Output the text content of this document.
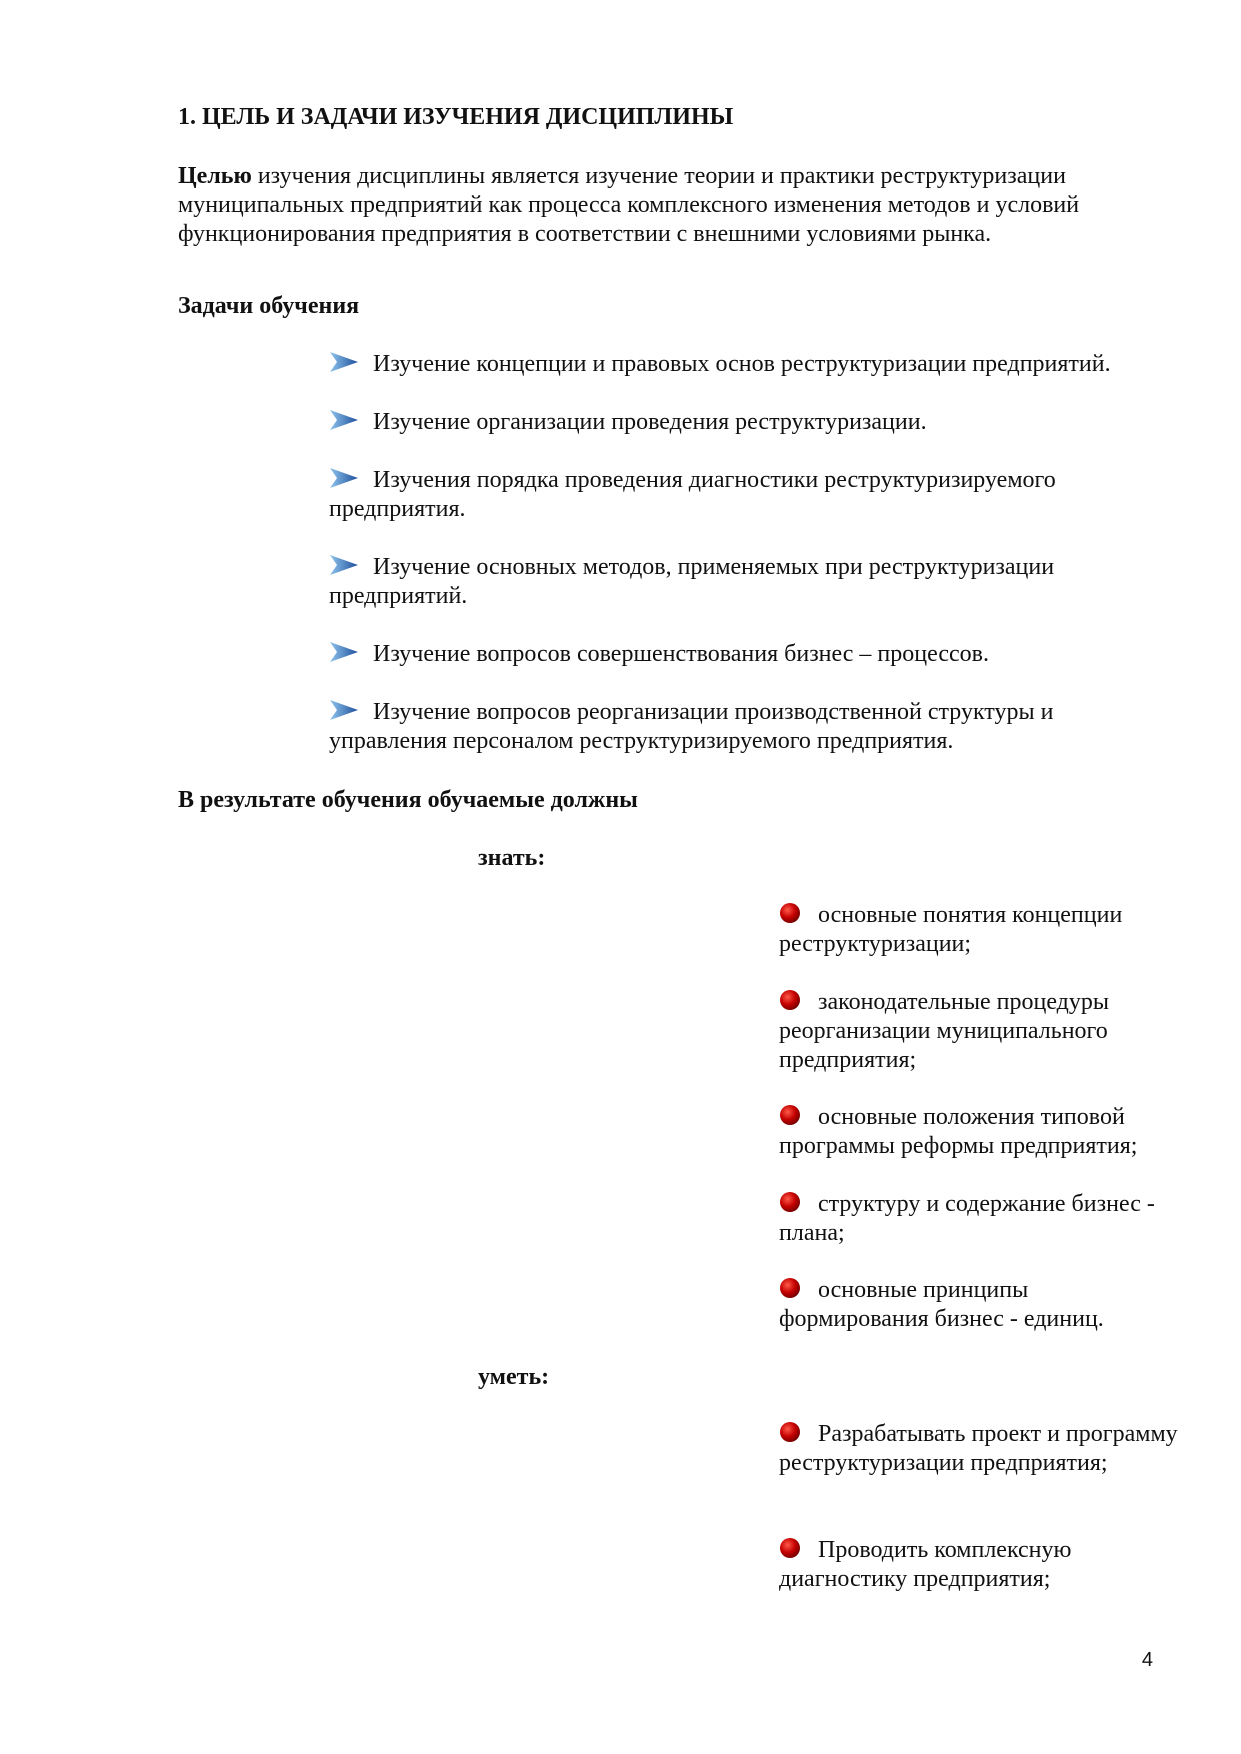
1. ЦЕЛЬ И ЗАДАЧИ ИЗУЧЕНИЯ ДИСЦИПЛИНЫ
Целью изучения дисциплины является изучение теории и практики реструктуризации муниципальных предприятий как процесса комплексного изменения методов и условий функционирования предприятия в соответствии с внешними условиями рынка.
Задачи обучения
Изучение концепции и правовых основ реструктуризации предприятий.
Изучение организации проведения реструктуризации.
Изучения порядка проведения диагностики реструктуризируемого предприятия.
Изучение основных методов, применяемых при реструктуризации предприятий.
Изучение вопросов совершенствования бизнес – процессов.
Изучение вопросов реорганизации производственной структуры и управления персоналом реструктуризируемого предприятия.
В результате обучения обучаемые должны
знать:
основные понятия концепции реструктуризации;
законодательные процедуры реорганизации муниципального предприятия;
основные положения типовой программы реформы предприятия;
структуру и содержание бизнес - плана;
основные принципы формирования бизнес - единиц.
уметь:
Разрабатывать проект и программу реструктуризации предприятия;
Проводить комплексную диагностику предприятия;
4
